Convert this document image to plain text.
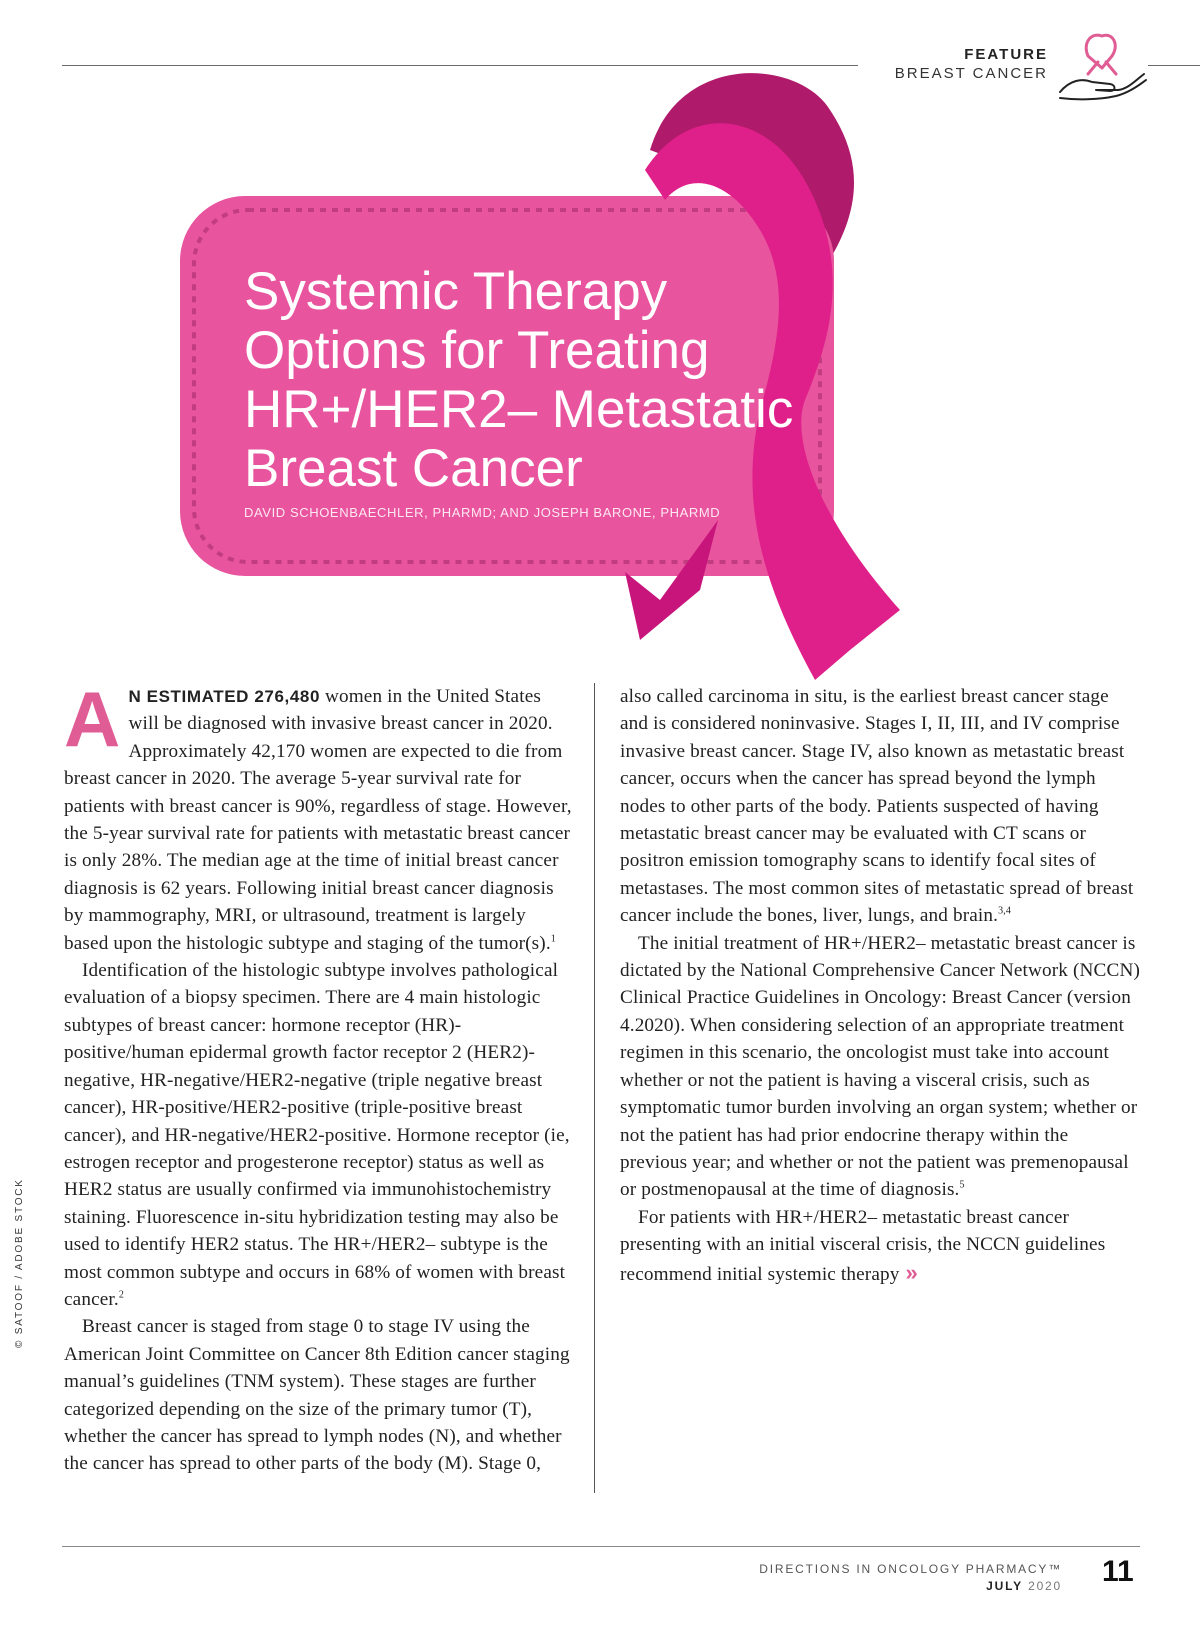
FEATURE
BREAST CANCER
Systemic Therapy Options for Treating HR+/HER2– Metastatic Breast Cancer
DAVID SCHOENBAECHLER, PHARMD; AND JOSEPH BARONE, PHARMD

A N ESTIMATED 276,480 women in the United States will be diagnosed with invasive breast cancer in 2020. Approximately 42,170 women are expected to die from breast cancer in 2020. The average 5-year survival rate for patients with breast cancer is 90%, regardless of stage. However, the 5-year survival rate for patients with metastatic breast cancer is only 28%. The median age at the time of initial breast cancer diagnosis is 62 years. Following initial breast cancer diagnosis by mammography, MRI, or ultrasound, treatment is largely based upon the histologic subtype and staging of the tumor(s).$^1$

Identification of the histologic subtype involves pathological evaluation of a biopsy specimen. There are 4 main histologic subtypes of breast cancer: hormone receptor (HR)-positive/human epidermal growth factor receptor 2 (HER2)-negative, HR-negative/HER2-negative (triple negative breast cancer), HR-positive/HER2-positive (triple-positive breast cancer), and HR-negative/HER2-positive. Hormone receptor (ie, estrogen receptor and progesterone receptor) status as well as HER2 status are usually confirmed via immunohistochemistry staining. Fluorescence in-situ hybridization testing may also be used to identify HER2 status. The HR+/HER2– subtype is the most common subtype and occurs in 68% of women with breast cancer.$^2$

Breast cancer is staged from stage 0 to stage IV using the American Joint Committee on Cancer 8th Edition cancer staging manual’s guidelines (TNM system). These stages are further categorized depending on the size of the primary tumor (T), whether the cancer has spread to lymph nodes (N), and whether the cancer has spread to other parts of the body (M). Stage 0,

also called carcinoma in situ, is the earliest breast cancer stage and is considered noninvasive. Stages I, II, III, and IV comprise invasive breast cancer. Stage IV, also known as metastatic breast cancer, occurs when the cancer has spread beyond the lymph nodes to other parts of the body. Patients suspected of having metastatic breast cancer may be evaluated with CT scans or positron emission tomography scans to identify focal sites of metastases. The most common sites of metastatic spread of breast cancer include the bones, liver, lungs, and brain.$^{3,4}$

The initial treatment of HR+/HER2– metastatic breast cancer is dictated by the National Comprehensive Cancer Network (NCCN) Clinical Practice Guidelines in Oncology: Breast Cancer (version 4.2020). When considering selection of an appropriate treatment regimen in this scenario, the oncologist must take into account whether or not the patient is having a visceral crisis, such as symptomatic tumor burden involving an organ system; whether or not the patient has had prior endocrine therapy within the previous year; and whether or not the patient was premenopausal or postmenopausal at the time of diagnosis.$^5$

For patients with HR+/HER2– metastatic breast cancer presenting with an initial visceral crisis, the NCCN guidelines recommend initial systemic therapy »

© SATOOF / ADOBE STOCK
DIRECTIONS IN ONCOLOGY PHARMACY™
JULY 2020 11
